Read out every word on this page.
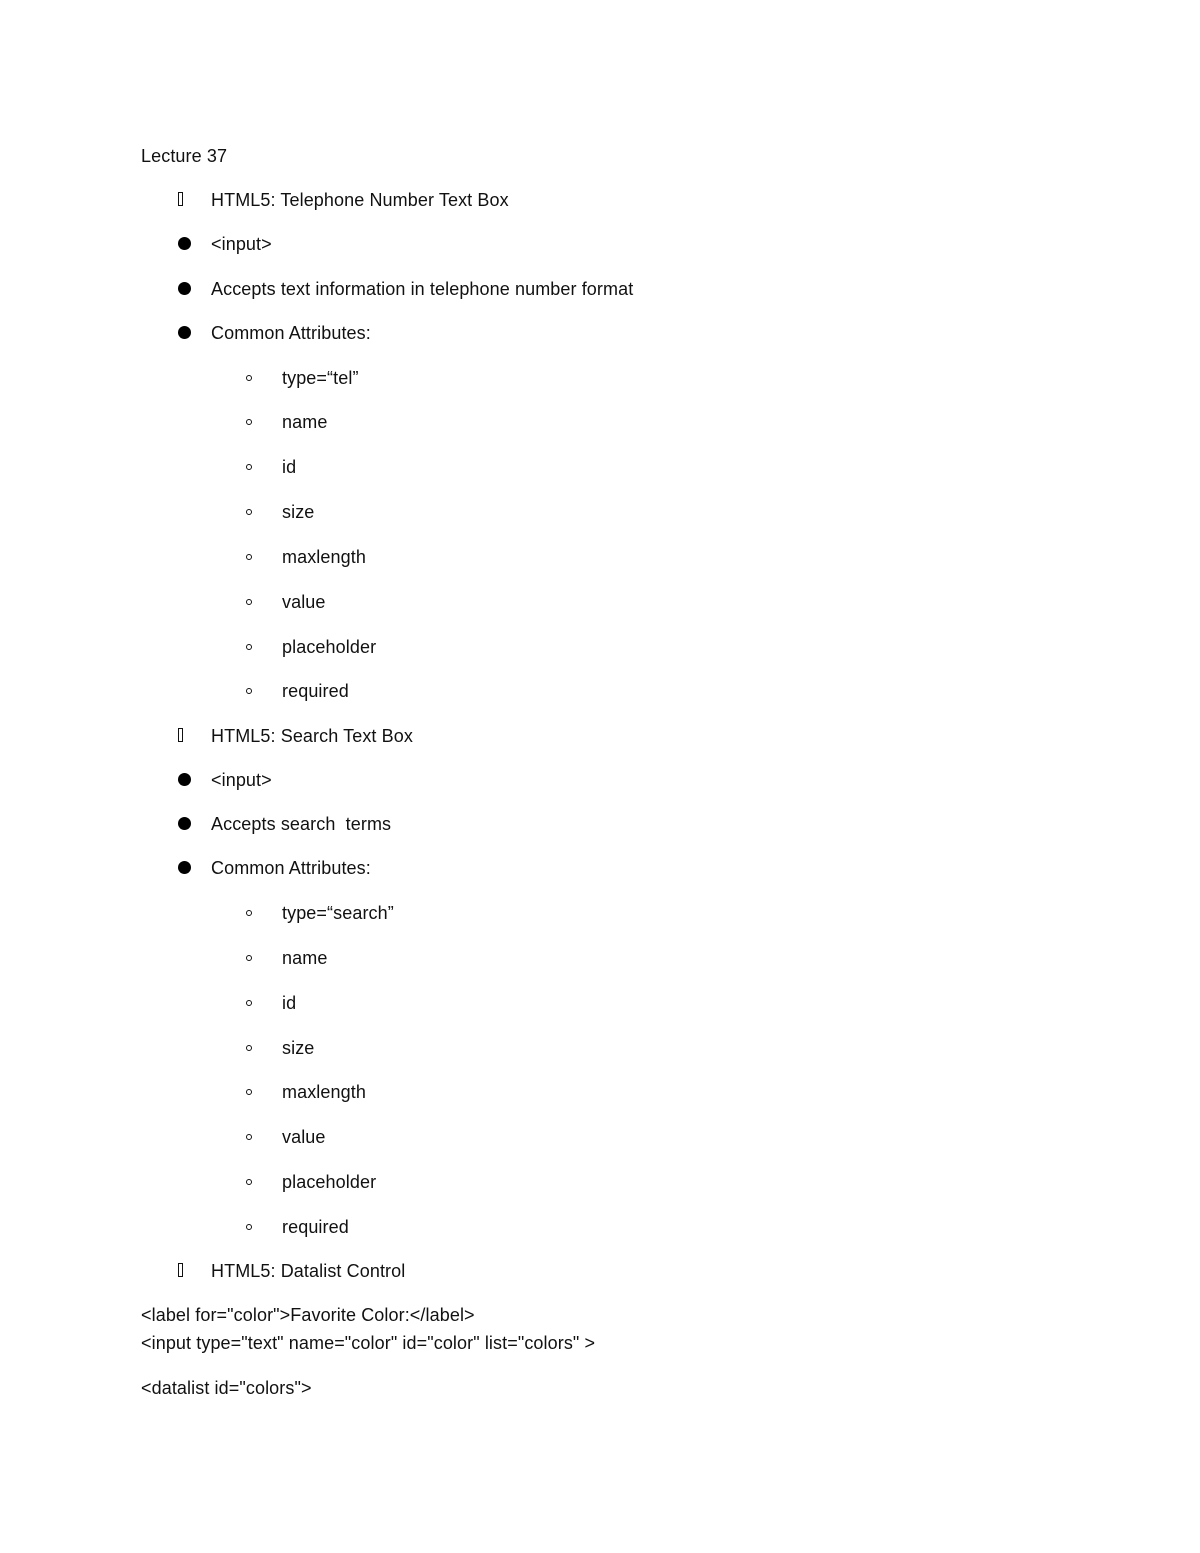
Lecture 37
HTML5: Telephone Number Text Box
<input>
Accepts text information in telephone number format
Common Attributes:
type=“tel”
name
id
size
maxlength
value
placeholder
required
HTML5: Search Text Box
<input>
Accepts search  terms
Common Attributes:
type=“search”
name
id
size
maxlength
value
placeholder
required
HTML5: Datalist Control
<label for="color">Favorite Color:</label>
<input type="text" name="color" id="color" list="colors" >
<datalist id="colors">
